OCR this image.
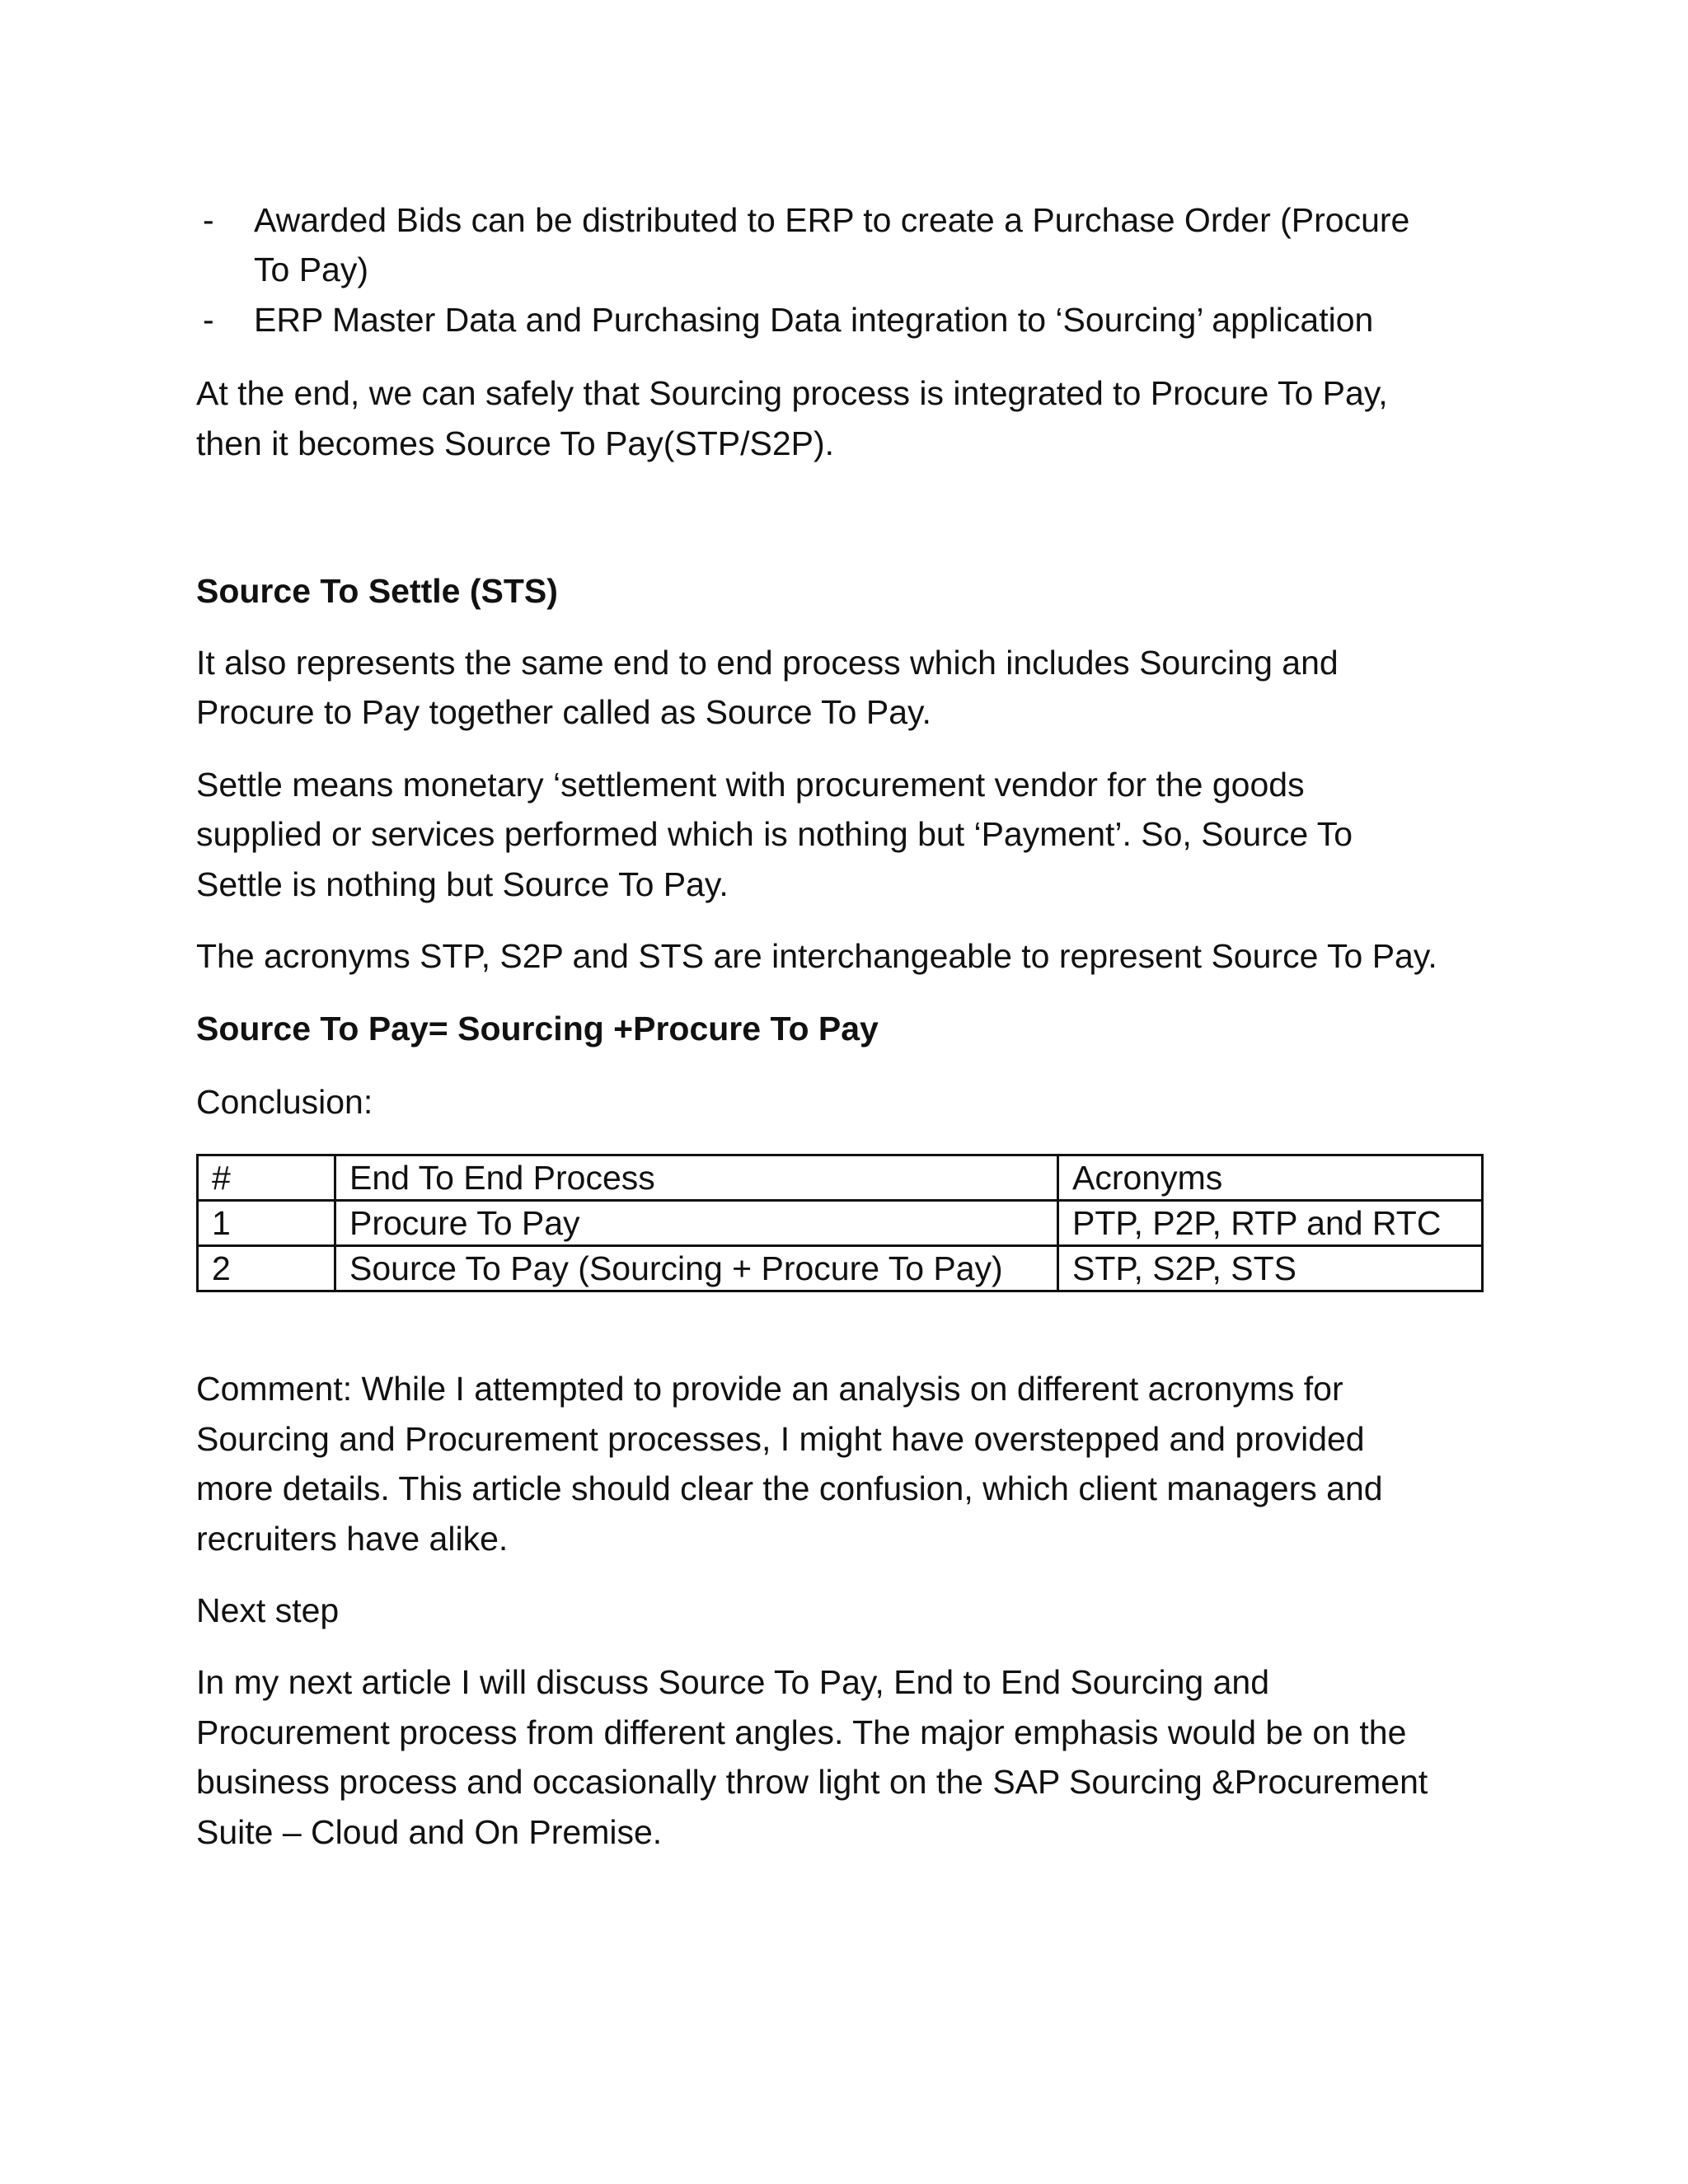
- Awarded Bids can be distributed to ERP to create a Purchase Order (Procure
To Pay)
- ERP Master Data and Purchasing Data integration to ‘Sourcing’ application
At the end, we can safely that Sourcing process is integrated to Procure To Pay,
then it becomes Source To Pay(STP/S2P).
Source To Settle (STS)
It also represents the same end to end process which includes Sourcing and
Procure to Pay together called as Source To Pay.
Settle means monetary ‘settlement with procurement vendor for the goods
supplied or services performed which is nothing but ‘Payment’. So, Source To
Settle is nothing but Source To Pay.
The acronyms STP, S2P and STS are interchangeable to represent Source To Pay.
Source To Pay= Sourcing +Procure To Pay
Conclusion:
#	End To End Process	Acronyms
1	Procure To Pay	PTP, P2P, RTP and RTC
2	Source To Pay (Sourcing + Procure To Pay)	STP, S2P, STS
Comment: While I attempted to provide an analysis on different acronyms for
Sourcing and Procurement processes, I might have overstepped and provided
more details. This article should clear the confusion, which client managers and
recruiters have alike.
Next step
In my next article I will discuss Source To Pay, End to End Sourcing and
Procurement process from different angles. The major emphasis would be on the
business process and occasionally throw light on the SAP Sourcing &Procurement
Suite – Cloud and On Premise.
